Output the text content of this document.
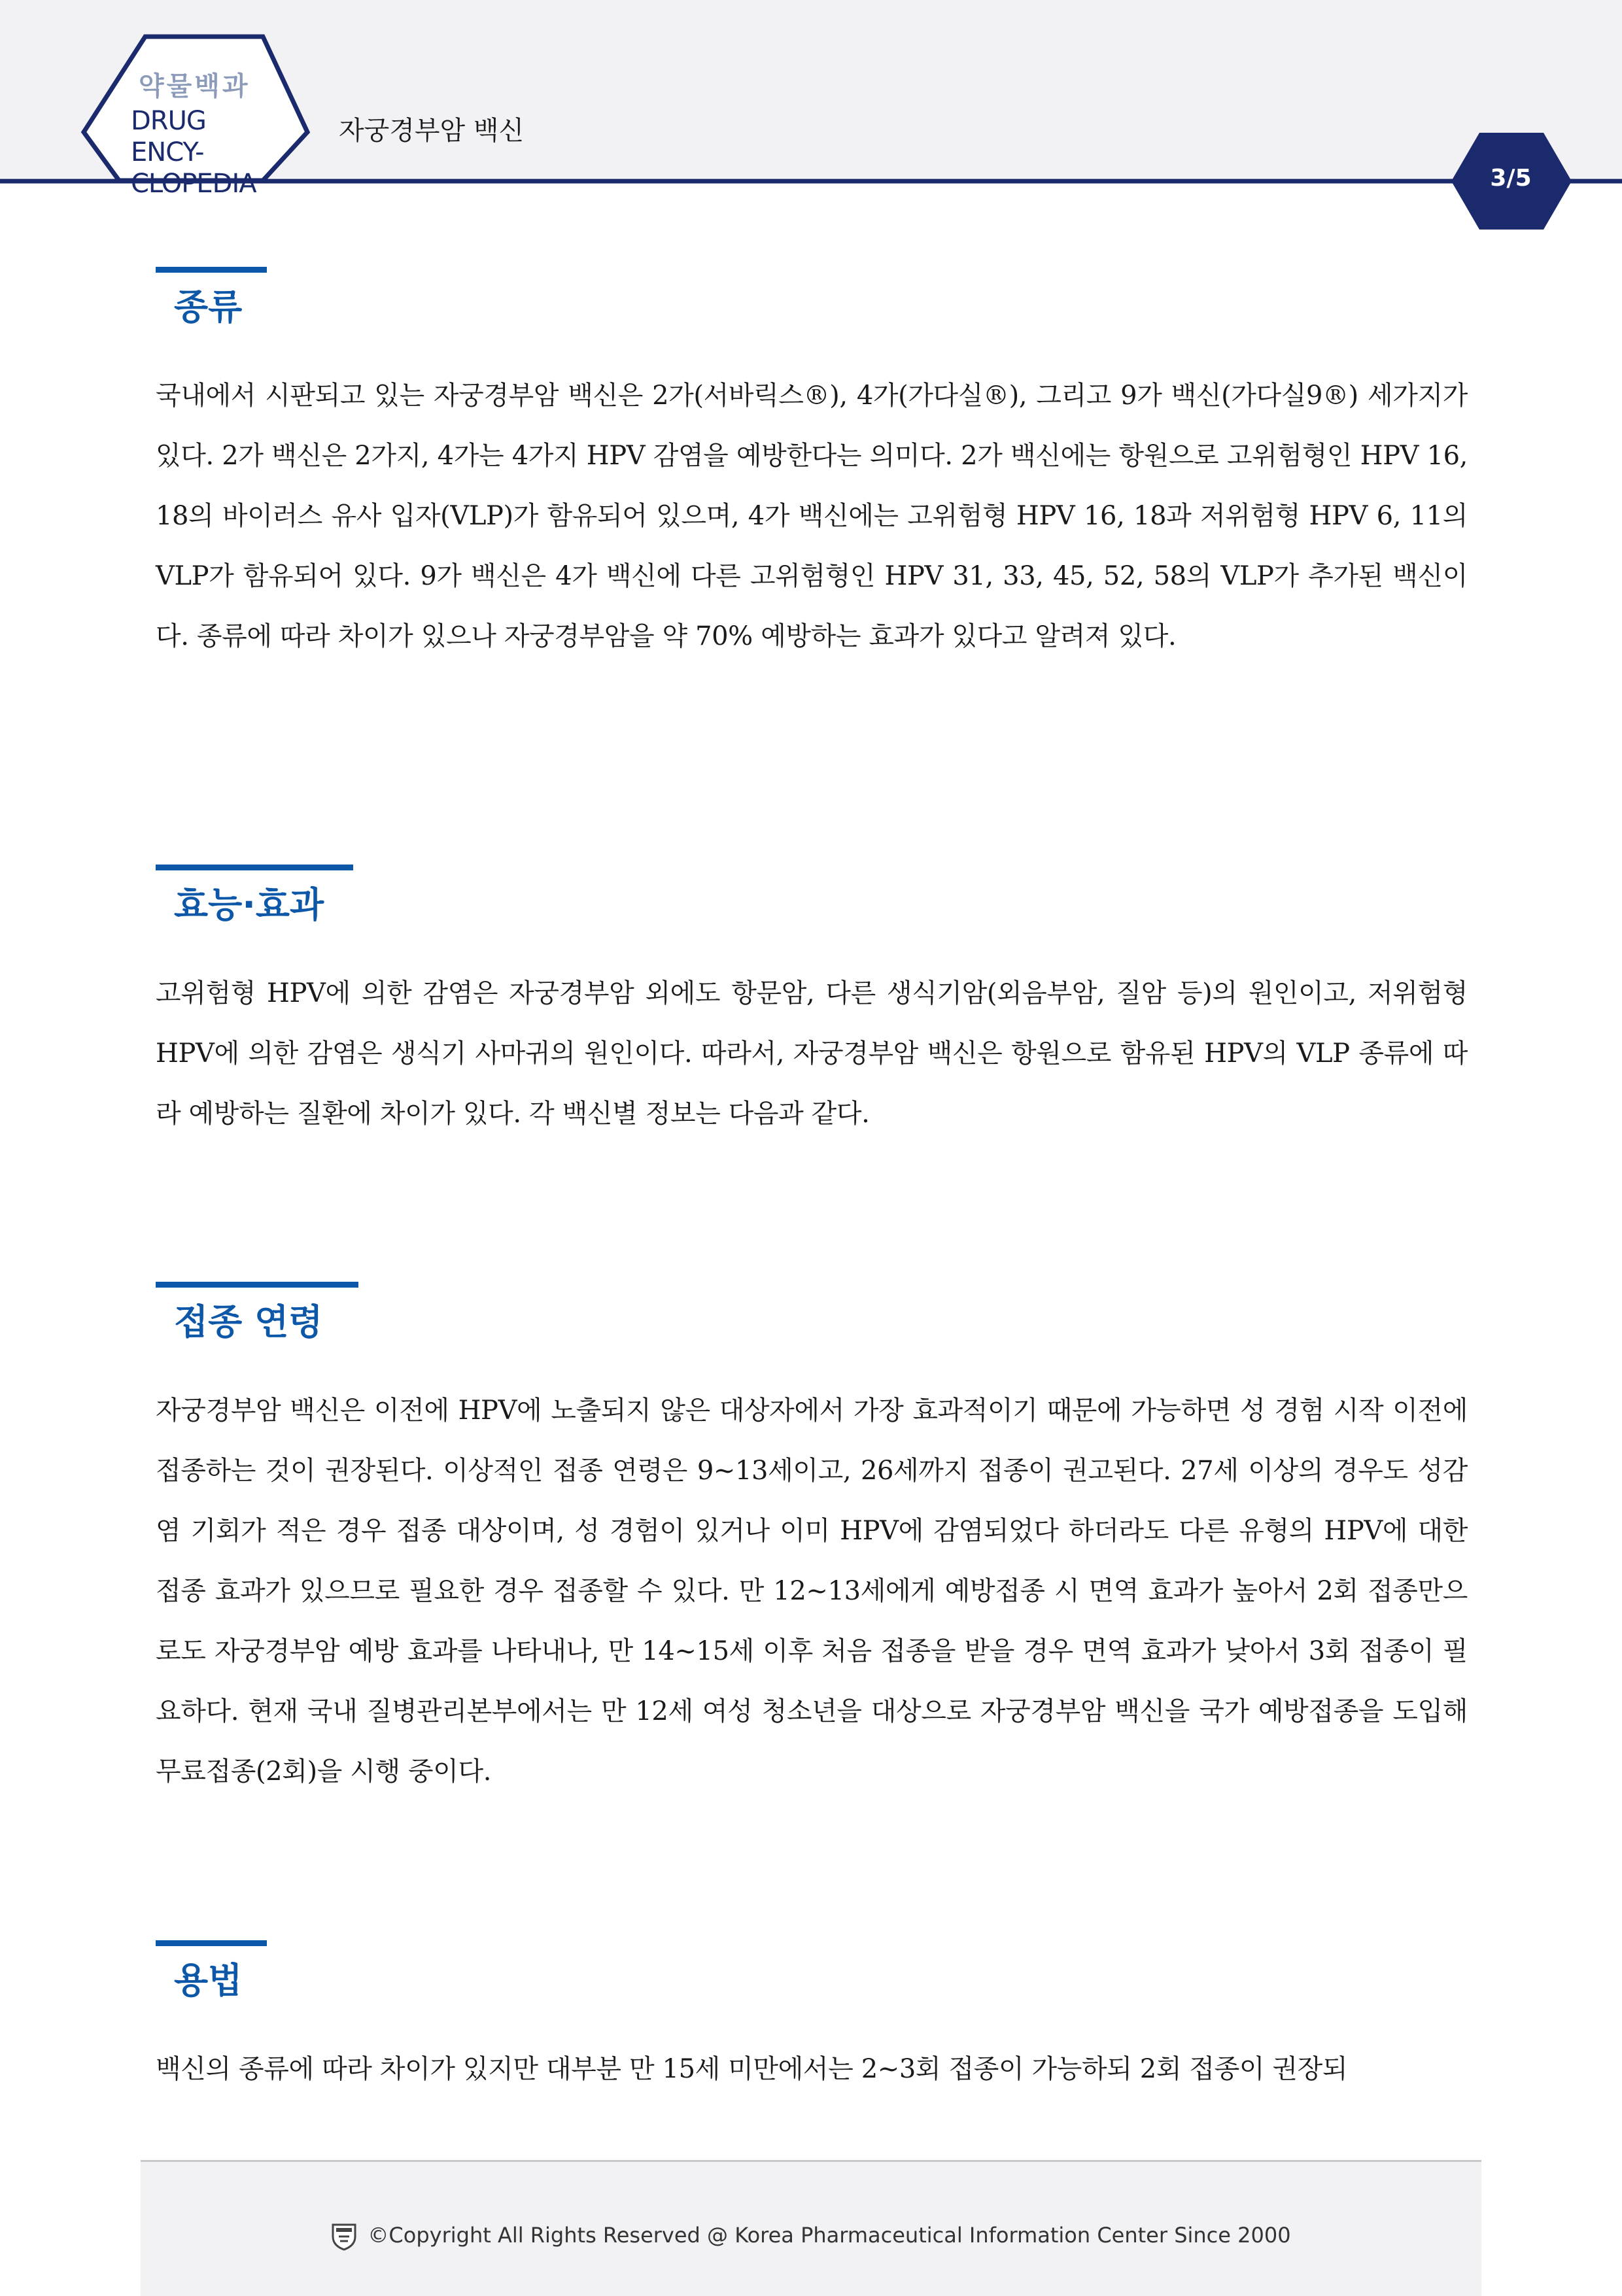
약물백과
DRUG ENCY-
CLOPEDIA
자궁경부암 백신
3/5
종류
국내에서 시판되고 있는 자궁경부암 백신은 2가(서바릭스®), 4가(가다실®), 그리고 9가 백신(가다실9®) 세가지가 있다. 2가 백신은 2가지, 4가는 4가지 HPV 감염을 예방한다는 의미다. 2가 백신에는 항원으로 고위험형인 HPV 16, 18의 바이러스 유사 입자(VLP)가 함유되어 있으며, 4가 백신에는 고위험형 HPV 16, 18과 저위험형 HPV 6, 11의 VLP가 함유되어 있다. 9가 백신은 4가 백신에 다른 고위험형인 HPV 31, 33, 45, 52, 58의 VLP가 추가된 백신이다. 종류에 따라 차이가 있으나 자궁경부암을 약 70% 예방하는 효과가 있다고 알려져 있다.
효능·효과
고위험형 HPV에 의한 감염은 자궁경부암 외에도 항문암, 다른 생식기암(외음부암, 질암 등)의 원인이고, 저위험형 HPV에 의한 감염은 생식기 사마귀의 원인이다. 따라서, 자궁경부암 백신은 항원으로 함유된 HPV의 VLP 종류에 따라 예방하는 질환에 차이가 있다. 각 백신별 정보는 다음과 같다.
접종 연령
자궁경부암 백신은 이전에 HPV에 노출되지 않은 대상자에서 가장 효과적이기 때문에 가능하면 성 경험 시작 이전에 접종하는 것이 권장된다. 이상적인 접종 연령은 9~13세이고, 26세까지 접종이 권고된다. 27세 이상의 경우도 성감염 기회가 적은 경우 접종 대상이며, 성 경험이 있거나 이미 HPV에 감염되었다 하더라도 다른 유형의 HPV에 대한 접종 효과가 있으므로 필요한 경우 접종할 수 있다. 만 12~13세에게 예방접종 시 면역 효과가 높아서 2회 접종만으로도 자궁경부암 예방 효과를 나타내나, 만 14~15세 이후 처음 접종을 받을 경우 면역 효과가 낮아서 3회 접종이 필요하다. 현재 국내 질병관리본부에서는 만 12세 여성 청소년을 대상으로 자궁경부암 백신을 국가 예방접종을 도입해 무료접종(2회)을 시행 중이다.
용법
백신의 종류에 따라 차이가 있지만 대부분 만 15세 미만에서는 2~3회 접종이 가능하되 2회 접종이 권장되
©Copyright All Rights Reserved @ Korea Pharmaceutical Information Center Since 2000
